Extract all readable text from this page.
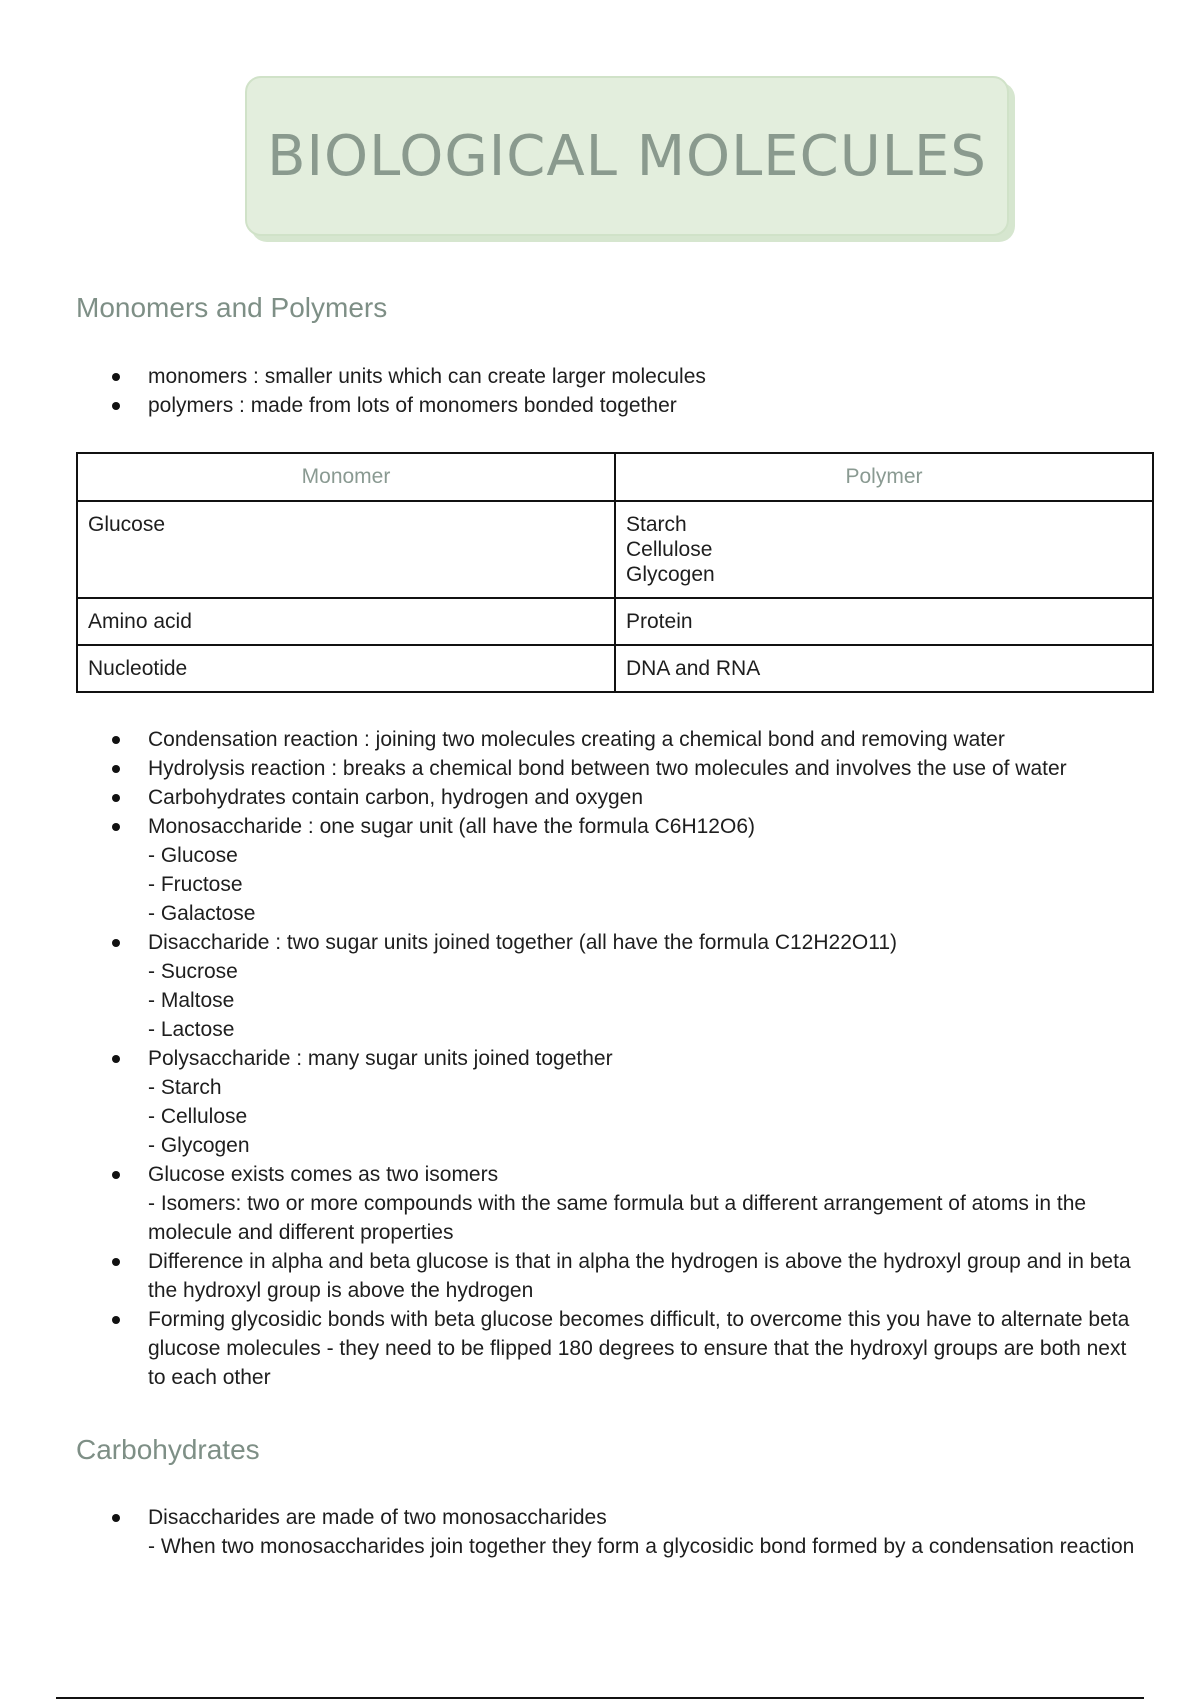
BIOLOGICAL MOLECULES
Monomers and Polymers
monomers : smaller units which can create larger molecules
polymers : made from lots of monomers bonded together
Monomer	Polymer
Glucose	Starch
Cellulose
Glycogen

Amino acid	Protein
Nucleotide	DNA and RNA
Condensation reaction : joining two molecules creating a chemical bond and removing water
Hydrolysis reaction : breaks a chemical bond between two molecules and involves the use of water
Carbohydrates contain carbon, hydrogen and oxygen
Monosaccharide : one sugar unit (all have the formula C6H12O6)
- Glucose
- Fructose
- Galactose
Disaccharide : two sugar units joined together (all have the formula C12H22O11)
- Sucrose
- Maltose
- Lactose
Polysaccharide : many sugar units joined together
- Starch
- Cellulose
- Glycogen
Glucose exists comes as two isomers
- Isomers: two or more compounds with the same formula but a different arrangement of atoms in the molecule and different properties
Difference in alpha and beta glucose is that in alpha the hydrogen is above the hydroxyl group and in beta the hydroxyl group is above the hydrogen
Forming glycosidic bonds with beta glucose becomes difficult, to overcome this you have to alternate beta glucose molecules - they need to be flipped 180 degrees to ensure that the hydroxyl groups are both next to each other
Carbohydrates
Disaccharides are made of two monosaccharides
- When two monosaccharides join together they form a glycosidic bond formed by a condensation reaction
